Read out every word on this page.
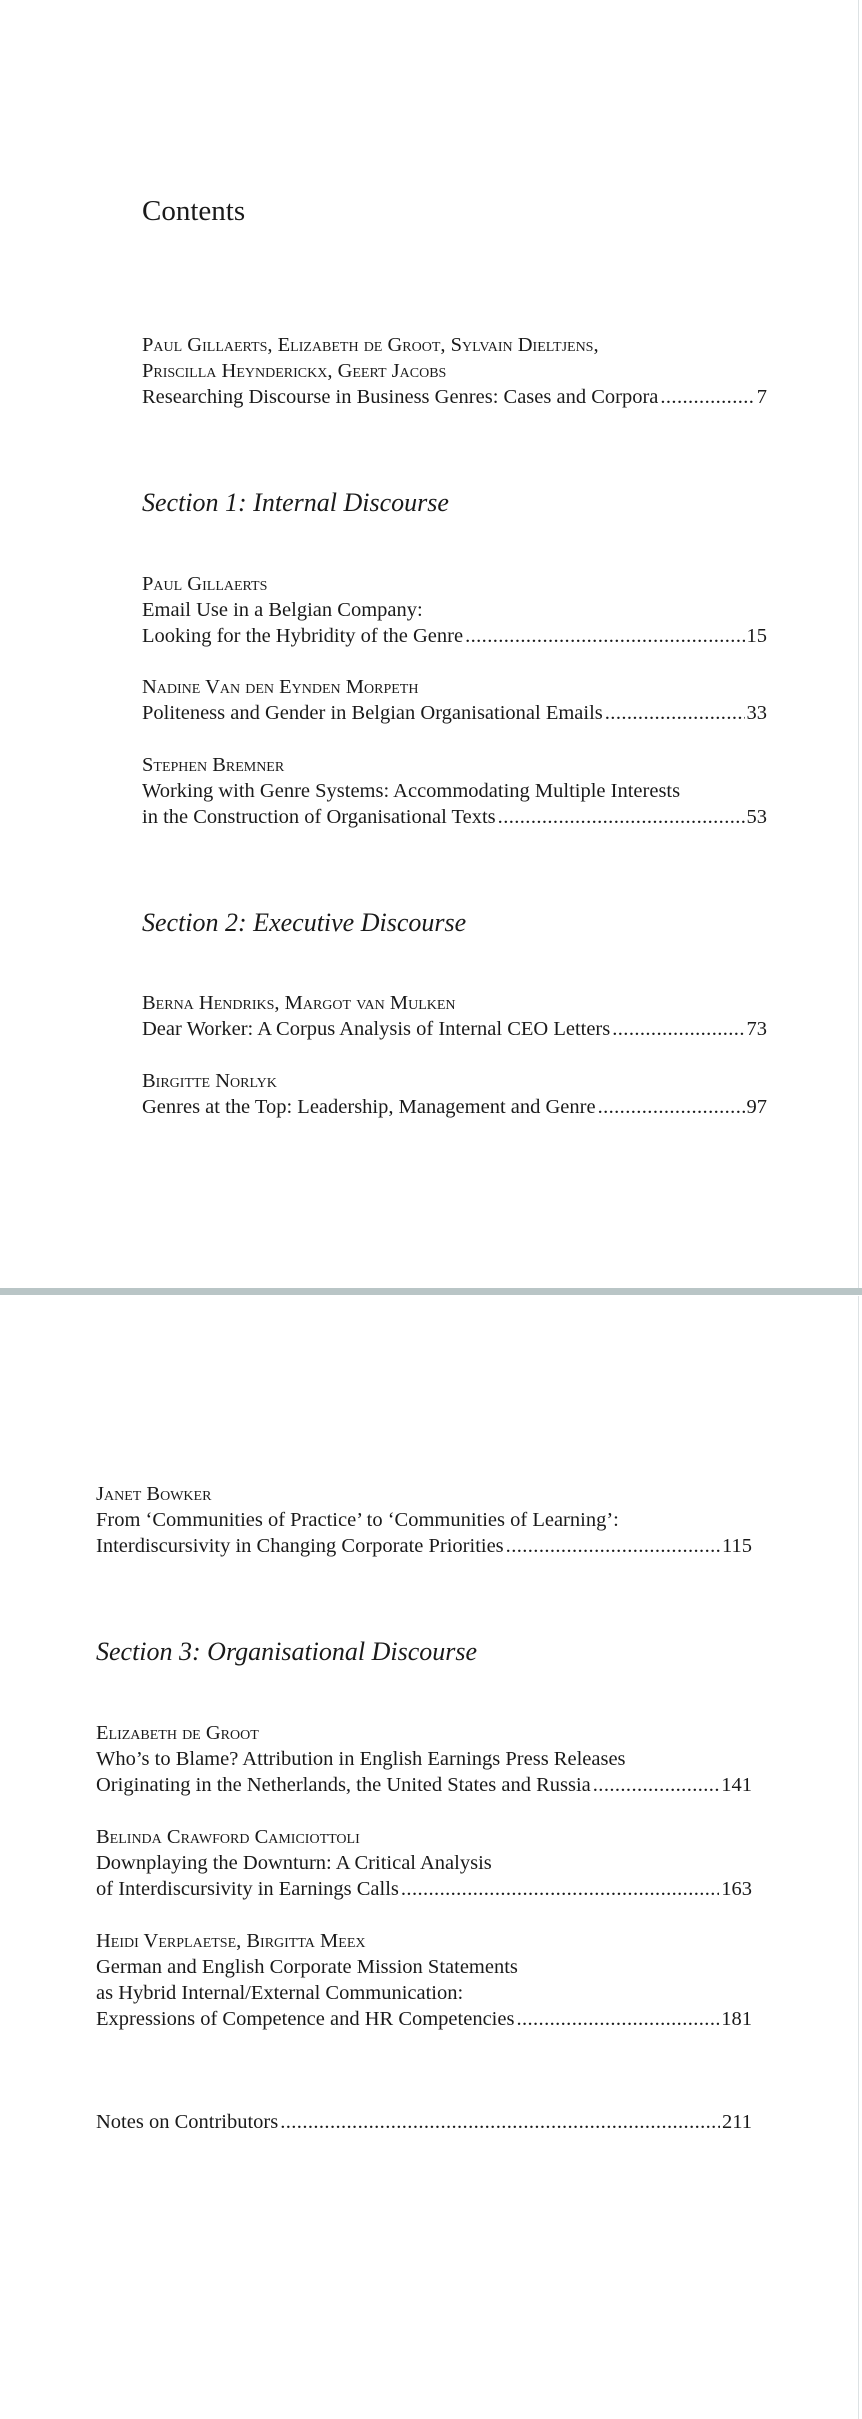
Contents
Paul Gillaerts, Elizabeth de Groot, Sylvain Dieltjens,
Priscilla Heynderickx, Geert Jacobs
Researching Discourse in Business Genres: Cases and Corpora .....	7
Section 1: Internal Discourse
Paul Gillaerts
Email Use in a Belgian Company:
Looking for the Hybridity of the Genre .....	15
Nadine Van den Eynden Morpeth
Politeness and Gender in Belgian Organisational Emails .....	33
Stephen Bremner
Working with Genre Systems: Accommodating Multiple Interests
in the Construction of Organisational Texts .....	53
Section 2: Executive Discourse
Berna Hendriks, Margot van Mulken
Dear Worker: A Corpus Analysis of Internal CEO Letters .....	73
Birgitte Norlyk
Genres at the Top: Leadership, Management and Genre .....	97
Janet Bowker
From ‘Communities of Practice’ to ‘Communities of Learning’:
Interdiscursivity in Changing Corporate Priorities .....	115
Section 3: Organisational Discourse
Elizabeth de Groot
Who’s to Blame? Attribution in English Earnings Press Releases
Originating in the Netherlands, the United States and Russia .....	141
Belinda Crawford Camiciottoli
Downplaying the Downturn: A Critical Analysis
of Interdiscursivity in Earnings Calls .....	163
Heidi Verplaetse, Birgitta Meex
German and English Corporate Mission Statements
as Hybrid Internal/External Communication:
Expressions of Competence and HR Competencies .....	181
Notes on Contributors .....	211
